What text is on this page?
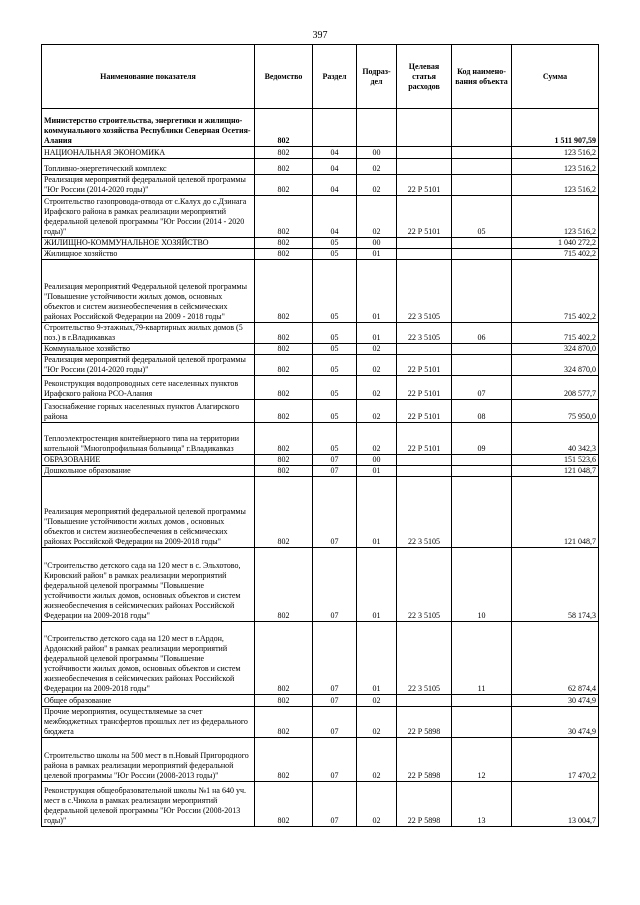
397
Наименование показателя	Ведомство	Раздел	Подраз-дел	Целевая статья расходов	Код наимено-вания объекта	Сумма
Министерство строительства, энергетики и жилищно-коммунального хозяйства Республики Северная Осетия-Алания	802					1 511 907,59
НАЦИОНАЛЬНАЯ ЭКОНОМИКА	802	04	00			123 516,2
Топливно-энергетический комплекс	802	04	02			123 516,2
Реализация мероприятий федеральной целевой программы "Юг России (2014-2020 годы)"	802	04	02	22 Р 5101		123 516,2
Строительство газопровода-отвода от с.Калух до с.Дзинага Ирафского района в рамках реализации мероприятий федеральной целевой программы "Юг России (2014 - 2020 годы)"	802	04	02	22 Р 5101	05	123 516,2
ЖИЛИЩНО-КОММУНАЛЬНОЕ ХОЗЯЙСТВО	802	05	00			1 040 272,2
Жилищное хозяйство	802	05	01			715 402,2
Реализация мероприятий Федеральной целевой программы "Повышение устойчивости жилых домов, основных объектов и систем жизнеобеспечения в сейсмических районах Российской Федерации на 2009 - 2018 годы"	802	05	01	22 3 5105		715 402,2
Строительство 9-этажных,79-квартирных жилых домов (5 поз.) в г.Владикавказ	802	05	01	22 3 5105	06	715 402,2
Коммунальное хозяйство	802	05	02			324 870,0
Реализация мероприятий федеральной целевой программы "Юг России (2014-2020 годы)"	802	05	02	22 Р 5101		324 870,0
Реконструкция водопроводных сете населенных пунктов Ирафского района РСО-Алания	802	05	02	22 Р 5101	07	208 577,7
Газоснабжение горных населенных пунктов Алагирского района	802	05	02	22 Р 5101	08	75 950,0
Теплоэлектростенция контейнерного типа на территории котельной "Многопрофильная больница" г.Владикавказ	802	05	02	22 Р 5101	09	40 342,3
ОБРАЗОВАНИЕ	802	07	00			151 523,6
Дошкольное образование	802	07	01			121 048,7
Реализация мероприятий федеральной целевой программы "Повышение устойчивости жилых домов , основных объектов и систем жизнеобеспечения в сейсмических районах Российской Федерации на 2009-2018 годы"	802	07	01	22 3 5105		121 048,7
"Строительство детского сада на 120 мест в с. Эльхотово, Кировский район" в рамках реализации мероприятий федеральной целевой программы "Повышение устойчивости жилых домов, основных объектов и систем жизнеобеспечения в сейсмических районах Российской Федерации на 2009-2018 годы"	802	07	01	22 3 5105	10	58 174,3
"Строительство детского сада на 120 мест в г.Ардон, Ардонский район" в рамках реализации мероприятий федеральной целевой программы "Повышение устойчивости жилых домов, основных объектов и систем жизнеобеспечения в сейсмических районах Российской Федерации на 2009-2018 годы"	802	07	01	22 3 5105	11	62 874,4
Общее образование	802	07	02			30 474,9
Прочие мероприятия, осуществляемые за счет межбюджетных трансфертов прошлых лет из федерального бюджета	802	07	02	22 Р 5898		30 474,9
Строительство школы на 500 мест в п.Новый Пригородного района в рамках реализации мероприятий федеральной целевой программы "Юг России (2008-2013 годы)"	802	07	02	22 Р 5898	12	17 470,2
Реконструкция общеобразовательной школы №1 на 640 уч. мест в с.Чиколa в рамках реализации мероприятий федеральной целевой программы "Юг России (2008-2013 годы)"	802	07	02	22 Р 5898	13	13 004,7
